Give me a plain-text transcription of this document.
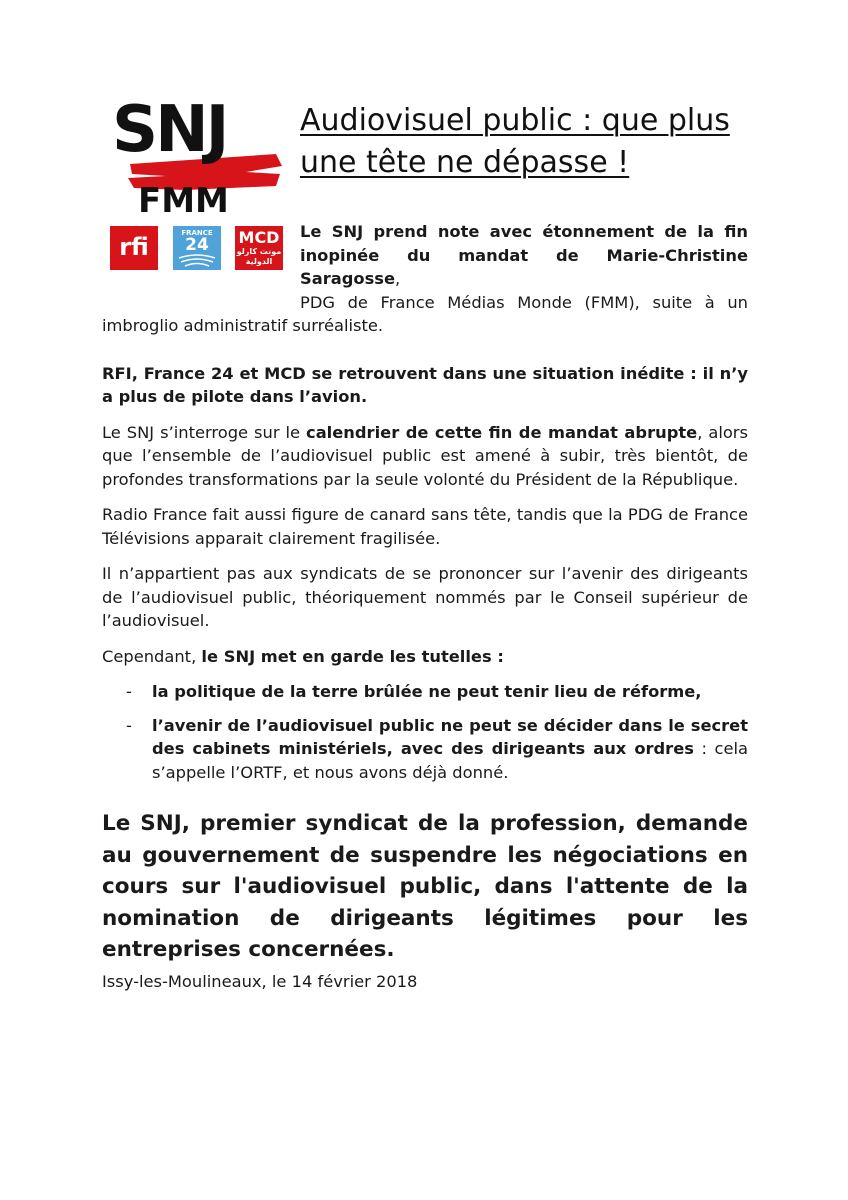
SNJ
FMM
rfi	FRANCE
24	MCD
مونت كارلو الدولية
Audiovisuel public : que plus
une tête ne dépasse !

Le SNJ prend note avec étonnement de la fin
inopinée du mandat de Marie-Christine Saragosse,
PDG de France Médias Monde (FMM), suite à un
imbroglio administratif surréaliste.

RFI, France 24 et MCD se retrouvent dans une situation inédite : il n’y a plus de pilote dans l’avion.

Le SNJ s’interroge sur le calendrier de cette fin de mandat abrupte, alors que l’ensemble de l’audiovisuel public est amené à subir, très bientôt, de profondes transformations par la seule volonté du Président de la République.

Radio France fait aussi figure de canard sans tête, tandis que la PDG de France Télévisions apparait clairement fragilisée.

Il n’appartient pas aux syndicats de se prononcer sur l’avenir des dirigeants de l’audiovisuel public, théoriquement nommés par le Conseil supérieur de l’audiovisuel.

Cependant, le SNJ met en garde les tutelles :

- la politique de la terre brûlée ne peut tenir lieu de réforme,
- l’avenir de l’audiovisuel public ne peut se décider dans le secret des cabinets ministériels, avec des dirigeants aux ordres : cela s’appelle l’ORTF, et nous avons déjà donné.
Le SNJ, premier syndicat de la profession, demande au gouvernement de suspendre les négociations en cours sur l'audiovisuel public, dans l'attente de la nomination de dirigeants légitimes pour les entreprises concernées.
Issy-les-Moulineaux, le 14 février 2018
